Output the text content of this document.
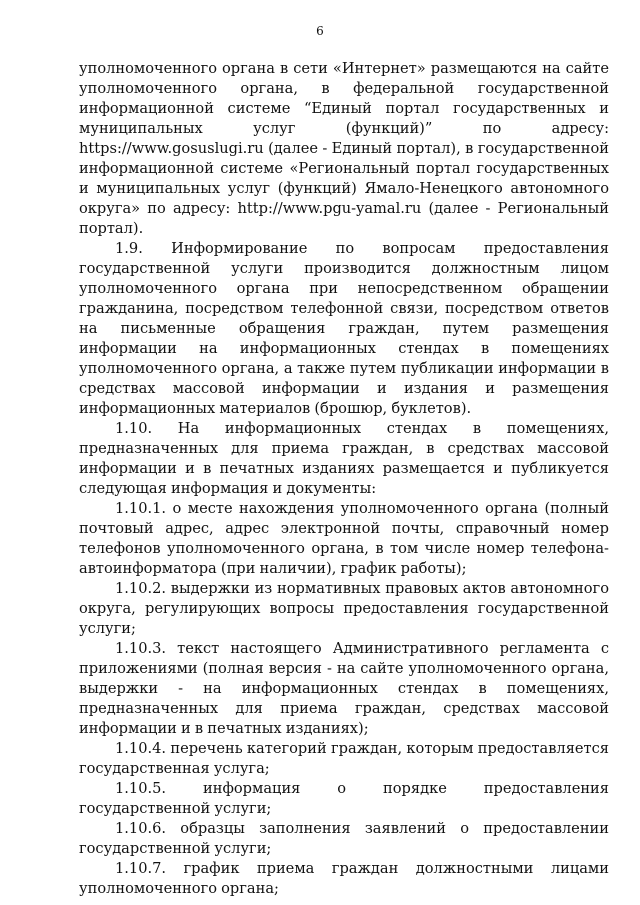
6

уполномоченного органа в сети «Интернет» размещаются на сайте уполномоченного органа, в федеральной государственной информационной системе “Единый портал государственных и муниципальных услуг (функций)” по адресу: https://www.gosuslugi.ru (далее - Единый портал), в государственной информационной системе «Региональный портал государственных и муниципальных услуг (функций) Ямало-Ненецкого автономного округа» по адресу: http://www.pgu-yamal.ru (далее - Региональный портал).

1.9. Информирование по вопросам предоставления государственной услуги производится должностным лицом уполномоченного органа при непосредственном обращении гражданина, посредством телефонной связи, посредством ответов на письменные обращения граждан, путем размещения информации на информационных стендах в помещениях уполномоченного органа, а также путем публикации информации в средствах массовой информации и издания и размещения информационных материалов (брошюр, буклетов).

1.10. На информационных стендах в помещениях, предназначенных для приема граждан, в средствах массовой информации и в печатных изданиях размещается и публикуется следующая информация и документы:

1.10.1. о месте нахождения уполномоченного органа (полный почтовый адрес, адрес электронной почты, справочный номер телефонов уполномоченного органа, в том числе номер телефона-автоинформатора (при наличии), график работы);

1.10.2. выдержки из нормативных правовых актов автономного округа, регулирующих вопросы предоставления государственной услуги;

1.10.3. текст настоящего Административного регламента с приложениями (полная версия - на сайте уполномоченного органа, выдержки - на информационных стендах в помещениях, предназначенных для приема граждан, средствах массовой информации и в печатных изданиях);

1.10.4. перечень категорий граждан, которым предоставляется государственная услуга;

1.10.5. информация о порядке предоставления государственной услуги;

1.10.6. образцы заполнения заявлений о предоставлении государственной услуги;

1.10.7. график приема граждан должностными лицами уполномоченного органа;
